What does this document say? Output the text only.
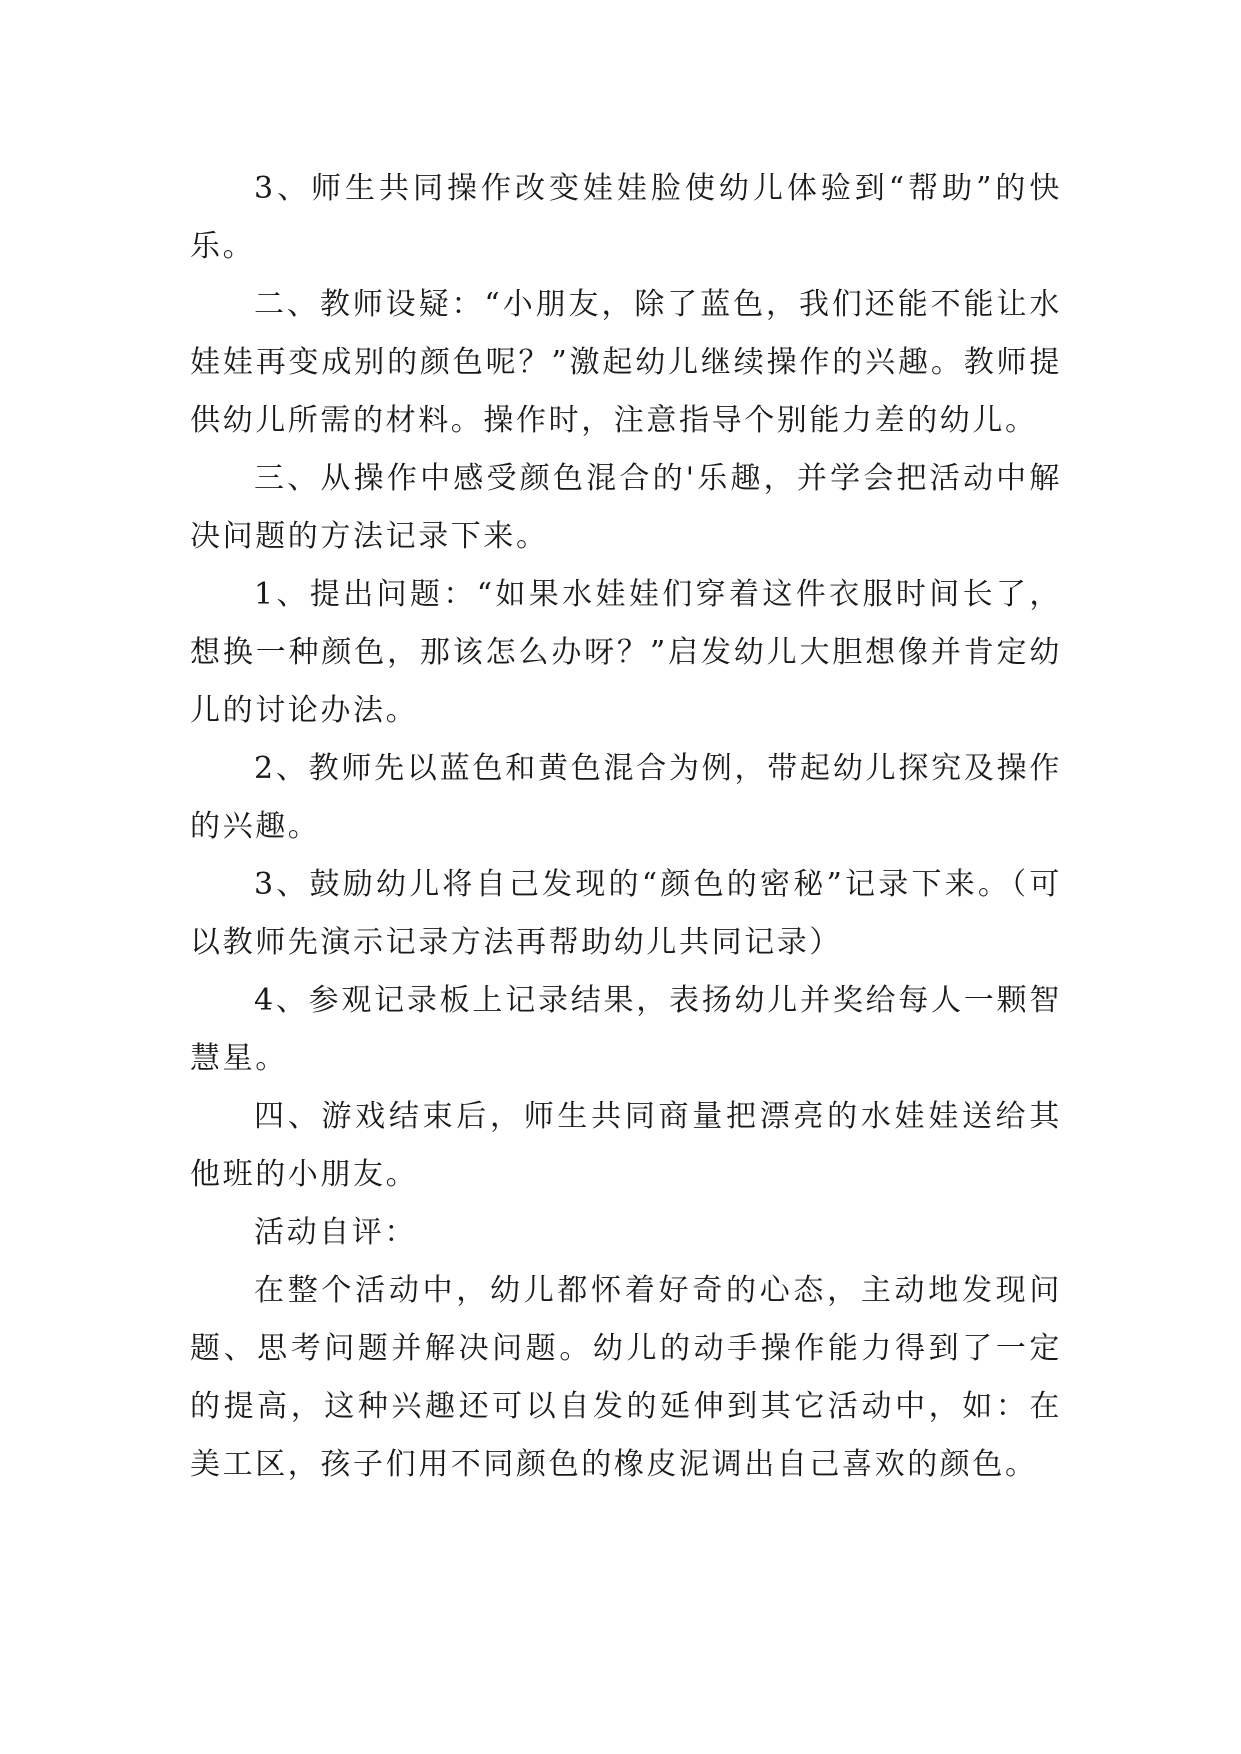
3、师生共同操作改变娃娃脸使幼儿体验到“帮助”的快乐。

二、教师设疑：“小朋友，除了蓝色，我们还能不能让水娃娃再变成别的颜色呢？”激起幼儿继续操作的兴趣。教师提供幼儿所需的材料。操作时，注意指导个别能力差的幼儿。

三、从操作中感受颜色混合的'乐趣，并学会把活动中解决问题的方法记录下来。

1、提出问题：“如果水娃娃们穿着这件衣服时间长了，想换一种颜色，那该怎么办呀？”启发幼儿大胆想像并肯定幼儿的讨论办法。

2、教师先以蓝色和黄色混合为例，带起幼儿探究及操作的兴趣。

3、鼓励幼儿将自己发现的“颜色的密秘”记录下来。（可以教师先演示记录方法再帮助幼儿共同记录）

4、参观记录板上记录结果，表扬幼儿并奖给每人一颗智慧星。

四、游戏结束后，师生共同商量把漂亮的水娃娃送给其他班的小朋友。

活动自评：

在整个活动中，幼儿都怀着好奇的心态，主动地发现问题、思考问题并解决问题。幼儿的动手操作能力得到了一定的提高，这种兴趣还可以自发的延伸到其它活动中，如：在美工区，孩子们用不同颜色的橡皮泥调出自己喜欢的颜色。
